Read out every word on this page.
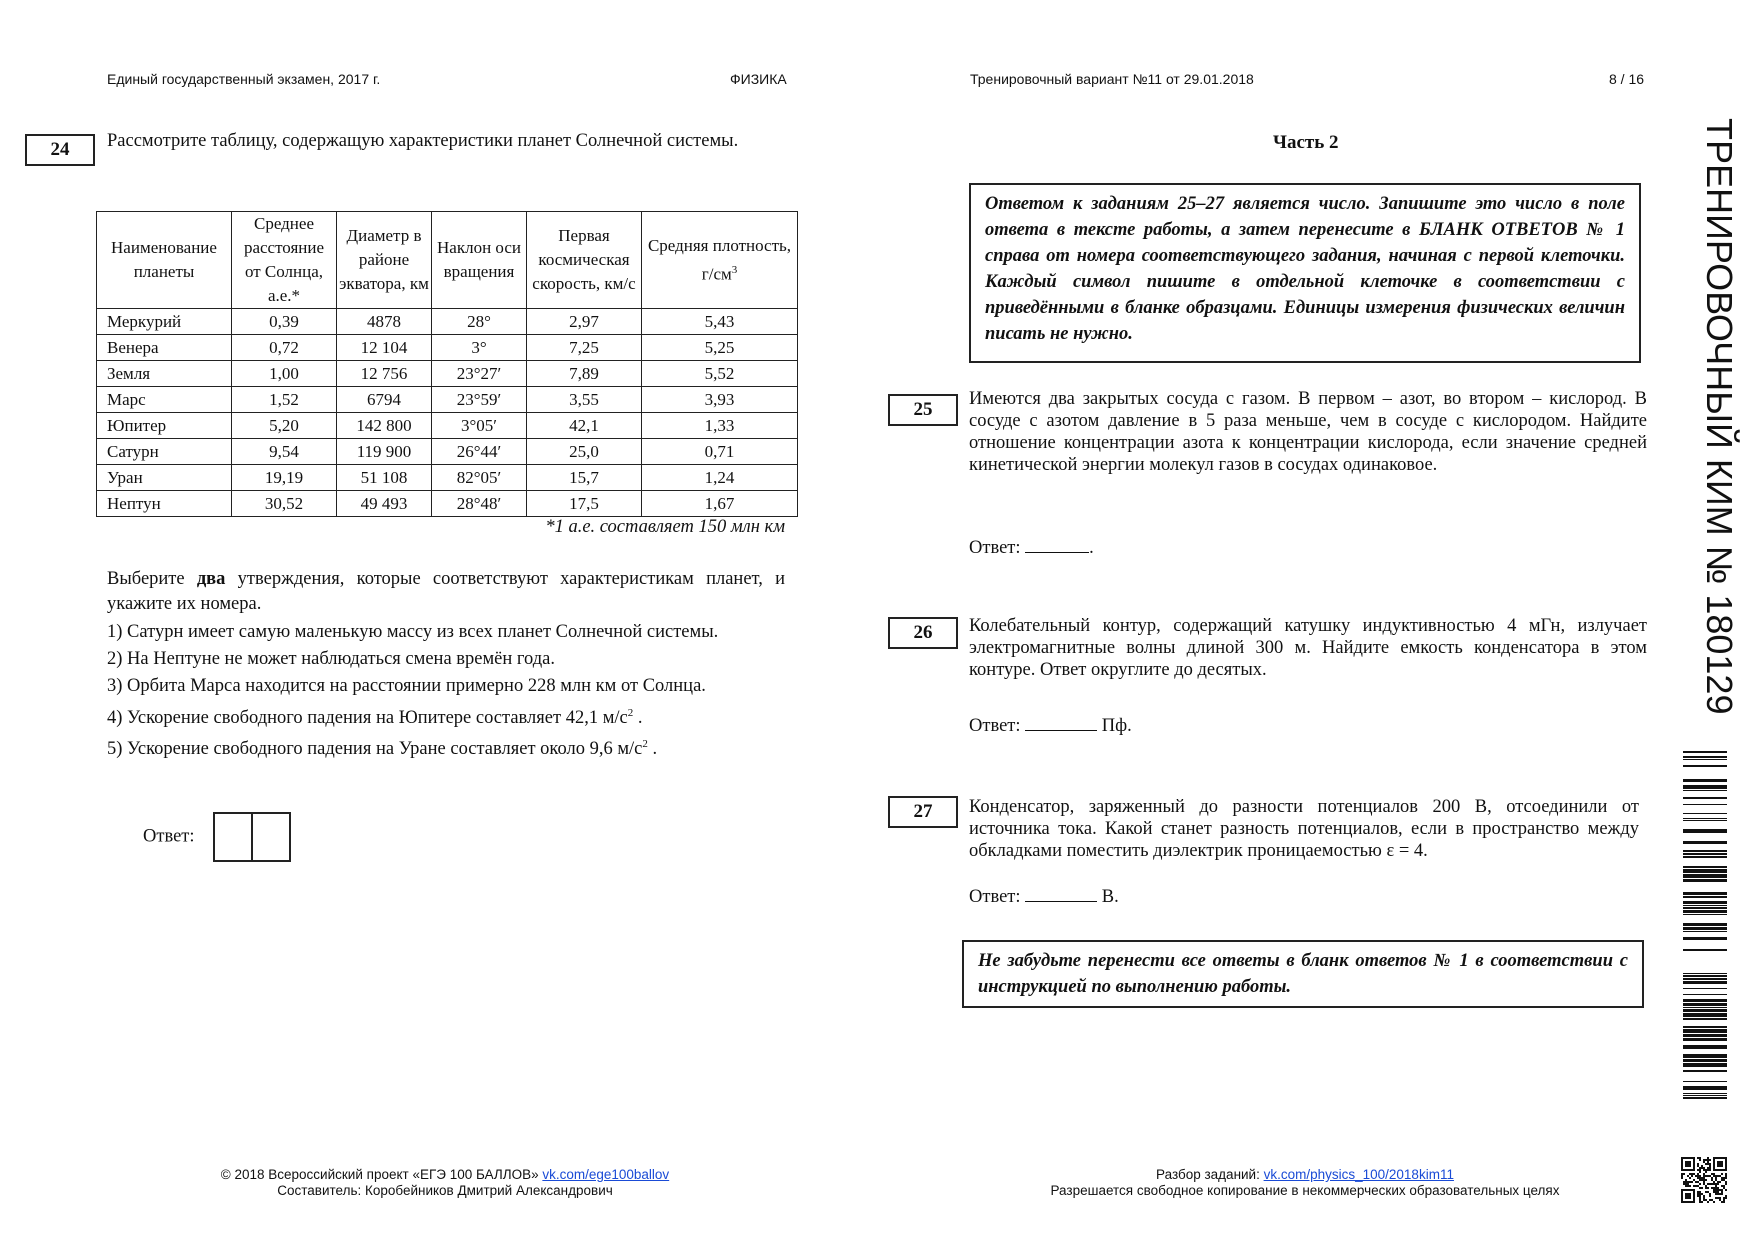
Единый государственный экзамен, 2017 г.	ФИЗИКА	Тренировочный вариант №11 от 29.01.2018	8 / 16
24	Рассмотрите таблицу, содержащую характеристики планет Солнечной системы.
Наименование планеты	Среднее расстояние от Солнца, а.е.*	Диаметр в районе экватора, км	Наклон оси вращения	Первая космическая скорость, км/с	Средняя плотность, $г/см^3$
Меркурий	0,39	4878	28°	2,97	5,43
Венера	0,72	12 104	3°	7,25	5,25
Земля	1,00	12 756	23°27′	7,89	5,52
Марс	1,52	6794	23°59′	3,55	3,93
Юпитер	5,20	142 800	3°05′	42,1	1,33
Сатурн	9,54	119 900	26°44′	25,0	0,71
Уран	19,19	51 108	82°05′	15,7	1,24
Нептун	30,52	49 493	28°48′	17,5	1,67
*1 а.е. составляет 150 млн км
Выберите два утверждения, которые соответствуют характеристикам планет, и укажите их номера.

1) Сатурн имеет самую маленькую массу из всех планет Солнечной системы.

2) На Нептуне не может наблюдаться смена времён года.

3) Орбита Марса находится на расстоянии примерно 228 млн км от Солнца.

4) Ускорение свободного падения на Юпитере составляет 42,1 $м/с^2$ .

5) Ускорение свободного падения на Уране составляет около 9,6 $м/с^2$ .

Ответ:
Часть 2
Ответом к заданиям 25–27 является число. Запишите это число в поле ответа в тексте работы, а затем перенесите в БЛАНК ОТВЕТОВ № 1 справа от номера соответствующего задания, начиная с первой клеточки. Каждый символ пишите в отдельной клеточке в соответствии с приведёнными в бланке образцами. Единицы измерения физических величин писать не нужно.
25	Имеются два закрытых сосуда с газом. В первом – азот, во втором – кислород. В сосуде с азотом давление в 5 раза меньше, чем в сосуде с кислородом. Найдите отношение концентрации азота к концентрации кислорода, если значение средней кинетической энергии молекул газов в сосудах одинаковое.
Ответ:	.
26	Колебательный контур, содержащий катушку индуктивностью 4 мГн, излучает электромагнитные волны длиной 300 м. Найдите емкость конденсатора в этом контуре. Ответ округлите до десятых.
Ответ:	Пф.
27	Конденсатор, заряженный до разности потенциалов 200 В, отсоединили от источника тока. Какой станет разность потенциалов, если в пространство между обкладками поместить диэлектрик проницаемостью ε = 4.
Ответ:	В.
Не забудьте перенести все ответы в бланк ответов № 1 в соответствии с инструкцией по выполнению работы.
ТРЕНИРОВОЧНЫЙ КИМ № 180129
© 2018 Всероссийский проект «ЕГЭ 100 БАЛЛОВ» vk.com/ege100ballov
Составитель: Коробейников Дмитрий Александрович
Разбор заданий: vk.com/physics_100/2018kim11
Разрешается свободное копирование в некоммерческих образовательных целях
